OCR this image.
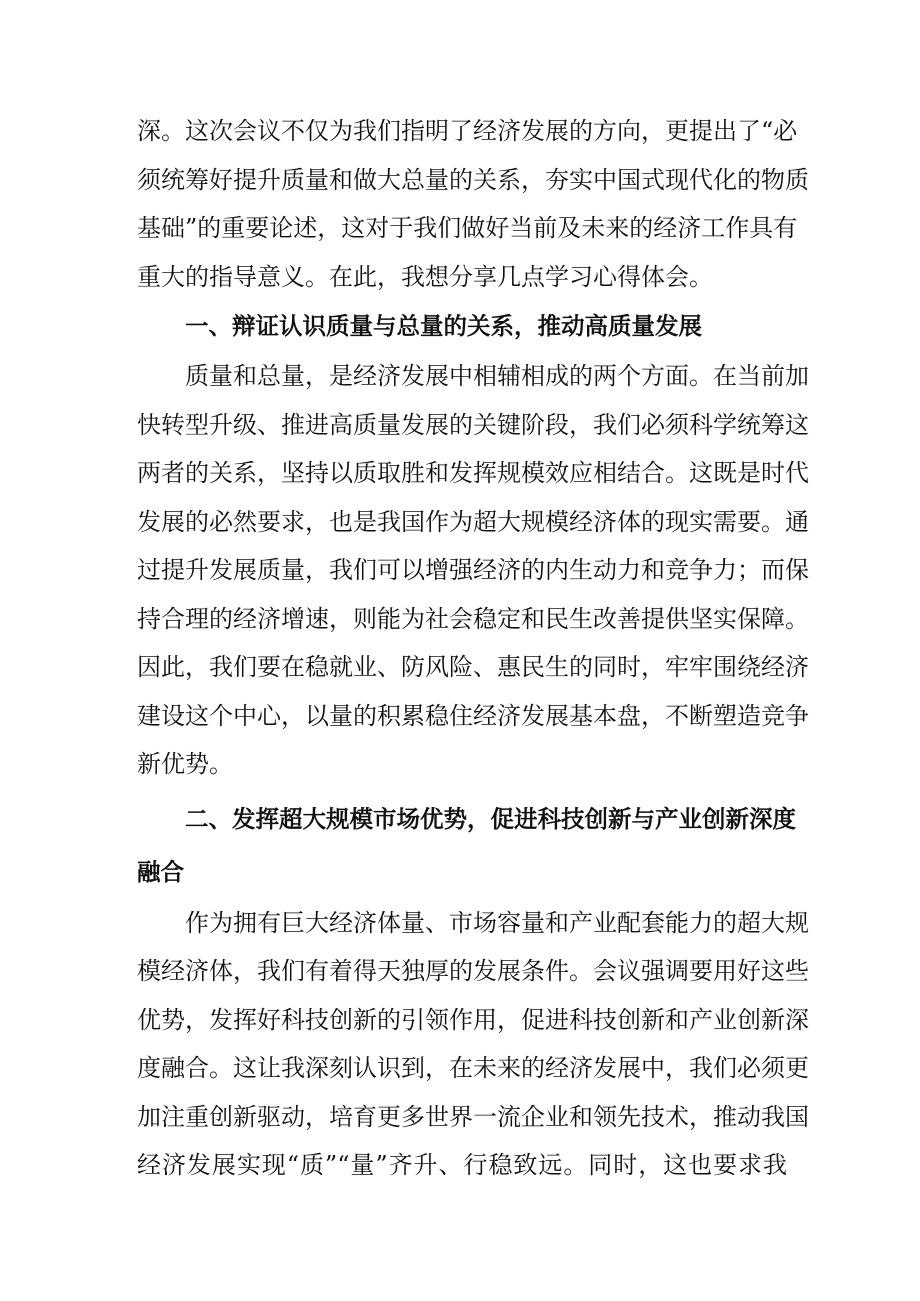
深。这次会议不仅为我们指明了经济发展的方向，更提出了“必
须统筹好提升质量和做大总量的关系，夯实中国式现代化的物质
基础”的重要论述，这对于我们做好当前及未来的经济工作具有
重大的指导意义。在此，我想分享几点学习心得体会。
一、辩证认识质量与总量的关系，推动高质量发展
质量和总量，是经济发展中相辅相成的两个方面。在当前加
快转型升级、推进高质量发展的关键阶段，我们必须科学统筹这
两者的关系，坚持以质取胜和发挥规模效应相结合。这既是时代
发展的必然要求，也是我国作为超大规模经济体的现实需要。通
过提升发展质量，我们可以增强经济的内生动力和竞争力；而保
持合理的经济增速，则能为社会稳定和民生改善提供坚实保障。
因此，我们要在稳就业、防风险、惠民生的同时，牢牢围绕经济
建设这个中心，以量的积累稳住经济发展基本盘，不断塑造竞争
新优势。
二、发挥超大规模市场优势，促进科技创新与产业创新深度
融合
作为拥有巨大经济体量、市场容量和产业配套能力的超大规
模经济体，我们有着得天独厚的发展条件。会议强调要用好这些
优势，发挥好科技创新的引领作用，促进科技创新和产业创新深
度融合。这让我深刻认识到，在未来的经济发展中，我们必须更
加注重创新驱动，培育更多世界一流企业和领先技术，推动我国
经济发展实现“质”“量”齐升、行稳致远。同时，这也要求我
